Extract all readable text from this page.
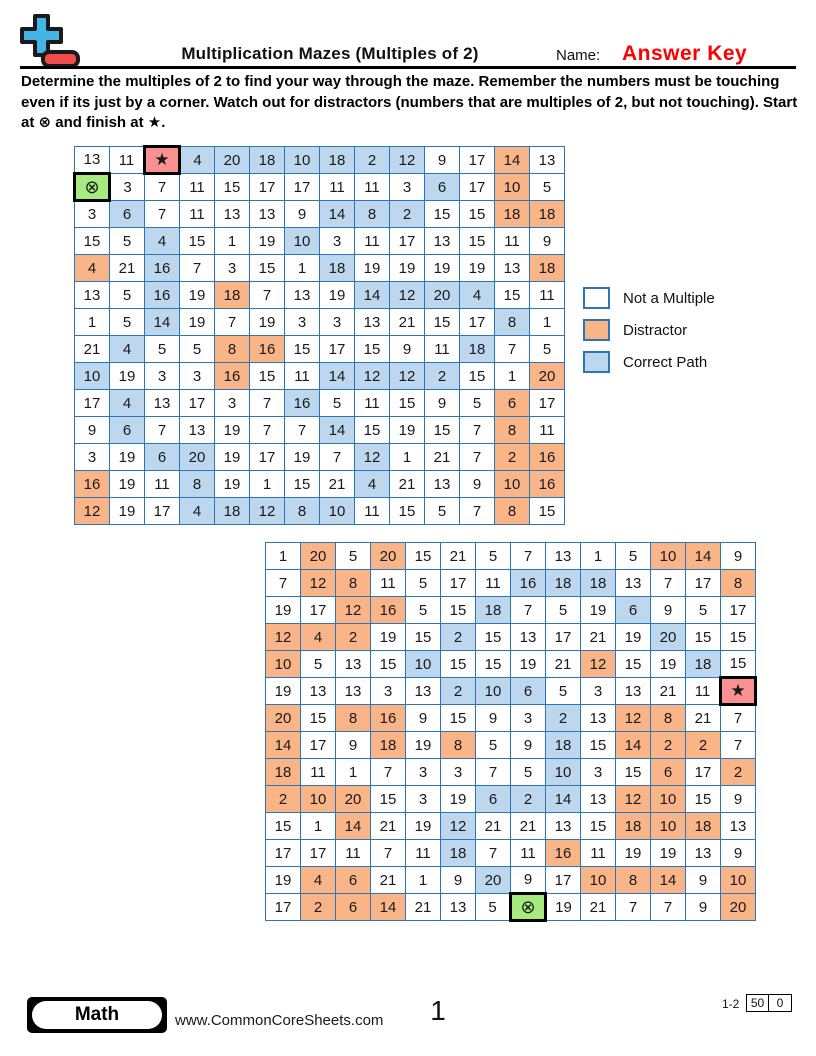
Multiplication Mazes (Multiples of 2)	Name: Answer Key
Determine the multiples of 2 to find your way through the maze. Remember the numbers must be touching even if its just by a corner. Watch out for distractors (numbers that are multiples of 2, but not touching). Start at ⊗ and finish at ★.
13	11	★	4	20	18	10	18	2	12	9	17	14	13
⊗	3	7	11	15	17	17	11	11	3	6	17	10	5
3	6	7	11	13	13	9	14	8	2	15	15	18	18
15	5	4	15	1	19	10	3	11	17	13	15	11	9
4	21	16	7	3	15	1	18	19	19	19	19	13	18
13	5	16	19	18	7	13	19	14	12	20	4	15	11
1	5	14	19	7	19	3	3	13	21	15	17	8	1
21	4	5	5	8	16	15	17	15	9	11	18	7	5
10	19	3	3	16	15	11	14	12	12	2	15	1	20
17	4	13	17	3	7	16	5	11	15	9	5	6	17
9	6	7	13	19	7	7	14	15	19	15	7	8	11
3	19	6	20	19	17	19	7	12	1	21	7	2	16
16	19	11	8	19	1	15	21	4	21	13	9	10	16
12	19	17	4	18	12	8	10	11	15	5	7	8	15
Not a Multiple
Distractor
Correct Path
1	20	5	20	15	21	5	7	13	1	5	10	14	9
7	12	8	11	5	17	11	16	18	18	13	7	17	8
19	17	12	16	5	15	18	7	5	19	6	9	5	17
12	4	2	19	15	2	15	13	17	21	19	20	15	15
10	5	13	15	10	15	15	19	21	12	15	19	18	15
19	13	13	3	13	2	10	6	5	3	13	21	11	★
20	15	8	16	9	15	9	3	2	13	12	8	21	7
14	17	9	18	19	8	5	9	18	15	14	2	2	7
18	11	1	7	3	3	7	5	10	3	15	6	17	2
2	10	20	15	3	19	6	2	14	13	12	10	15	9
15	1	14	21	19	12	21	21	13	15	18	10	18	13
17	17	11	7	11	18	7	11	16	11	19	19	13	9
19	4	6	21	1	9	20	9	17	10	8	14	9	10
17	2	6	14	21	13	5	⊗	19	21	7	7	9	20
Math	www.CommonCoreSheets.com	1	1-2 50	0
